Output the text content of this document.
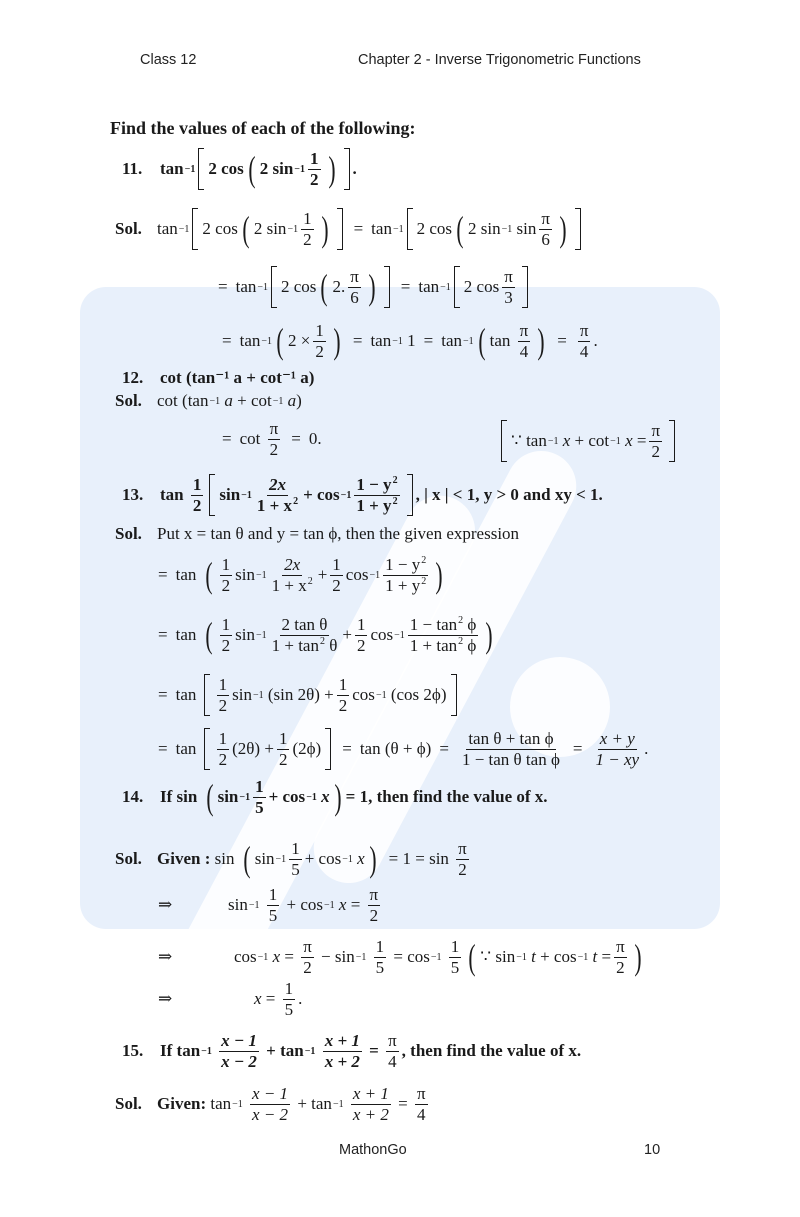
Class 12	Chapter 2 - Inverse Trigonometric Functions
Find the values of each of the following:
11.	tan −1 2
cos ( 2
$\sin -1 \frac{1}{2}$ ) .
Sol. tan −1 2
cos ( 2
$\sin -1 \frac{1}{2}$ ) = tan −1 2
cos ( 2
sin −1
$\sin \frac{\pi}{6}$ )
= tan −1 2
cos ( 2 . $\frac{\pi}{6}$ ) = tan −1 2
$\cos \frac{\pi}{3}$
= tan −1 ( 2
× $\frac{1}{2}$ ) = tan −1
1 = tan −1 ( tan
$\frac{\pi}{4}$ ) = $\frac{\pi}{4}$ .
12. cot (tan⁻¹ a + cot⁻¹ a)
Sol. cot ( tan −1
a + cot −1
a )
= cot
$\frac{\pi}{2} = 0$.	∵
tan −1
x + cot −1
$x = \frac{\pi}{2}$
13. tan
$\frac{1}{2}$ $\sin -1 \frac{2x}{1 + x^2} + \cos -1 \frac{1 - y^2}{1 + y^2}$ , | x | < 1, y > 0 and xy < 1.
Sol. Put x = tan θ and y = tan ϕ, then the given expression
= tan
( $\frac{1}{2}$ $\sin -1 \frac{2x}{1 + x^2} + \frac{1}{2}$ $\cos -1 \frac{1 - y^2}{1 + y^2}$ )
= tan
( $\frac{1}{2}$ $\sin -1 \frac{\text{2 tan θ}}{1 + \tan^2 \theta} + \frac{1}{2}$ $\cos -1 \frac{1 - \tan^2 \phi}{1 + \tan^2 \phi}$ )
= tan
$\frac{1}{2}$ sin −1
(sin $2\theta) + \frac{1}{2}$ cos −1
(cos 2ϕ)
= tan
$\frac{1}{2} (2\theta) + \frac{1}{2} (2\phi) = \tan (\theta + \phi) = \frac{\text{tan θ + tan ϕ}}{\text{1 − tan θ tan ϕ}} = \frac{x + y}{1 - xy}$ .
14. If
sin
( $\sin -1 \frac{1}{5} + \cos -1$
x ) = 1, then find the value of x.
Sol. Given :
sin
( $\sin -1 \frac{1}{5} + \cos -1$
x ) = 1 =
sin
$\frac{\pi}{2}$
⇒	sin −1
$\frac{1}{5} + \cos -1$
$x = \frac{\pi}{2}$
⇒	cos −1
$x = \frac{\pi}{2} - \sin -1$
$\frac{1}{5} = \cos -1$
$\frac{1}{5}$ ( ∵
sin −1
t + cos −1
$t = \frac{\pi}{2}$ )
⇒	$x = \frac{1}{5}$ .
15. If
tan −1
$\frac{x - 1}{x - 2} + \tan -1$
$\frac{x + 1}{x + 2} = \frac{\pi}{4}$ , then find the value of x.
Sol. Given:
tan −1
$\frac{x - 1}{x - 2} + \tan -1$
$\frac{x + 1}{x + 2} = \frac{\pi}{4}$
MathonGo	10
